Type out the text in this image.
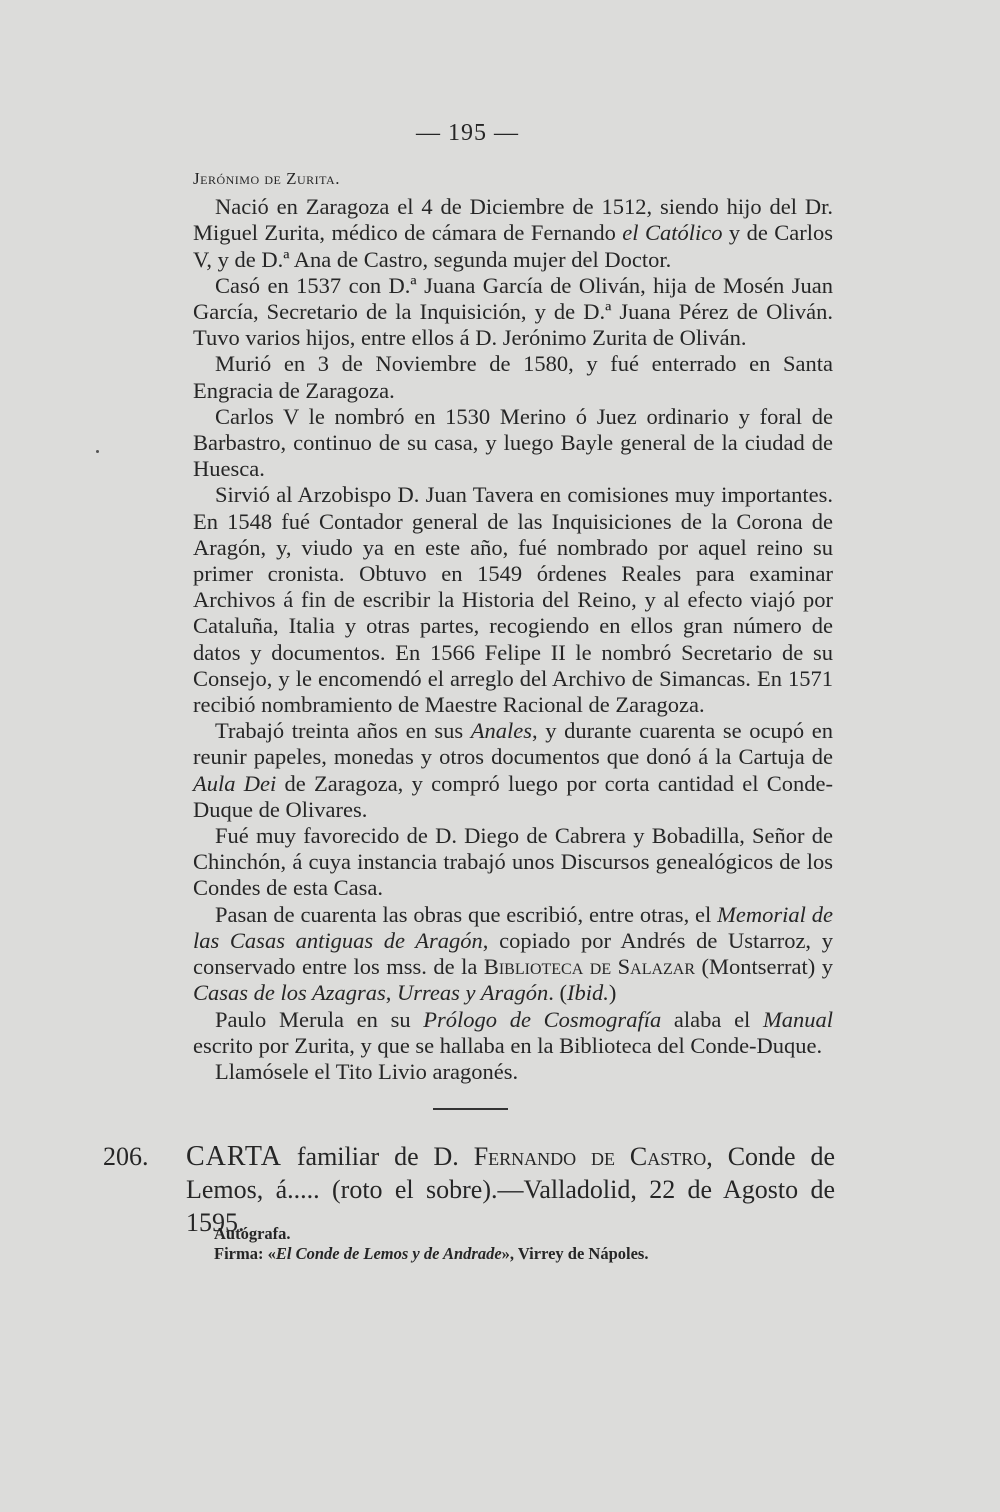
— 195 —

Jerónimo de Zurita.

Nació en Zaragoza el 4 de Diciembre de 1512, siendo hijo del Dr. Miguel Zurita, médico de cámara de Fernando el Católico y de Carlos V, y de D.ª Ana de Castro, segunda mujer del Doctor.

Casó en 1537 con D.ª Juana García de Oliván, hija de Mosén Juan García, Secretario de la Inquisición, y de D.ª Juana Pérez de Oliván. Tuvo varios hijos, entre ellos á D. Jerónimo Zurita de Oliván.

Murió en 3 de Noviembre de 1580, y fué enterrado en Santa Engracia de Zaragoza.

Carlos V le nombró en 1530 Merino ó Juez ordinario y foral de Barbastro, continuo de su casa, y luego Bayle general de la ciudad de Huesca.

Sirvió al Arzobispo D. Juan Tavera en comisiones muy importantes. En 1548 fué Contador general de las Inquisiciones de la Corona de Aragón, y, viudo ya en este año, fué nombrado por aquel reino su primer cronista. Obtuvo en 1549 órdenes Reales para examinar Archivos á fin de escribir la Historia del Reino, y al efecto viajó por Cataluña, Italia y otras partes, recogiendo en ellos gran número de datos y documentos. En 1566 Felipe II le nombró Secretario de su Consejo, y le encomendó el arreglo del Archivo de Simancas. En 1571 recibió nombramiento de Maestre Racional de Zaragoza.

Trabajó treinta años en sus Anales, y durante cuarenta se ocupó en reunir papeles, monedas y otros documentos que donó á la Cartuja de Aula Dei de Zaragoza, y compró luego por corta cantidad el Conde-Duque de Olivares.

Fué muy favorecido de D. Diego de Cabrera y Bobadilla, Señor de Chinchón, á cuya instancia trabajó unos Discursos genealógicos de los Condes de esta Casa.

Pasan de cuarenta las obras que escribió, entre otras, el Memorial de las Casas antiguas de Aragón, copiado por Andrés de Ustarroz, y conservado entre los mss. de la Biblioteca de Salazar (Montserrat) y Casas de los Azagras, Urreas y Aragón. (Ibid.)

Paulo Merula en su Prólogo de Cosmografía alaba el Manual escrito por Zurita, y que se hallaba en la Biblioteca del Conde-Duque.

Llamósele el Tito Livio aragonés.

206. CARTA familiar de D. Fernando de Castro, Conde de Lemos, á..... (roto el sobre).—Valladolid, 22 de Agosto de 1595.
Autógrafa.
Firma: «El Conde de Lemos y de Andrade», Virrey de Nápoles.
